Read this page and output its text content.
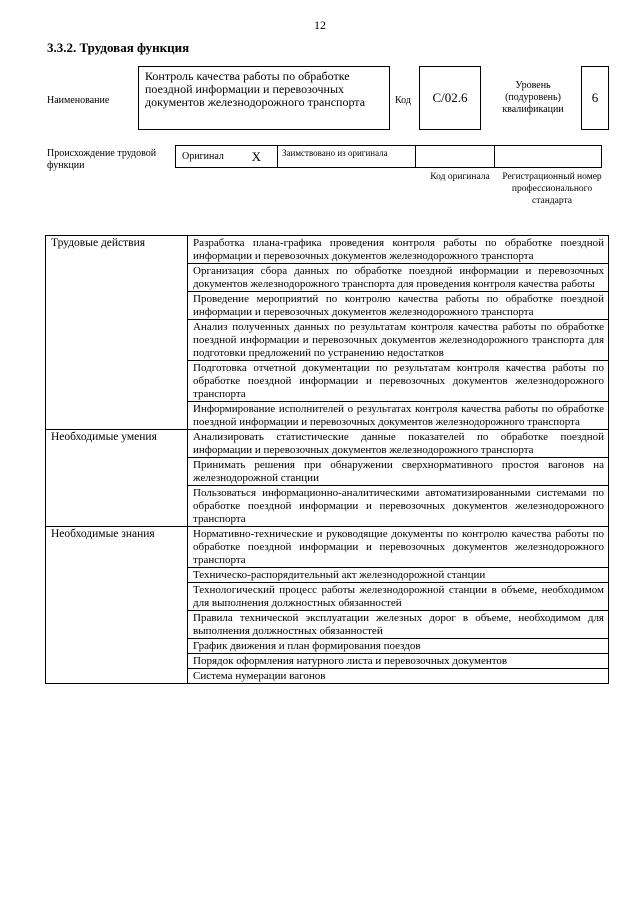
12
3.3.2. Трудовая функция
Наименование
Контроль качества работы по обработке поездной информации и перевозочных документов железнодорожного транспорта	Код	C/02.6
Уровень (подуровень) квалификации
6
Происхождение трудовой функции
Оригинал X	Заимствовано из оригинала
Код оригинала	Регистрационный номер профессионального стандарта
Трудовые действия	Разработка плана-графика проведения контроля работы по обработке поездной информации и перевозочных документов железнодорожного транспорта
	Организация сбора данных по обработке поездной информации и перевозочных документов железнодорожного транспорта для проведения контроля качества работы
	Проведение мероприятий по контролю качества работы по обработке поездной информации и перевозочных документов железнодорожного транспорта
	Анализ полученных данных по результатам контроля качества работы по обработке поездной информации и перевозочных документов железнодорожного транспорта для подготовки предложений по устранению недостатков
	Подготовка отчетной документации по результатам контроля качества работы по обработке поездной информации и перевозочных документов железнодорожного транспорта
	Информирование исполнителей о результатах контроля качества работы по обработке поездной информации и перевозочных документов железнодорожного транспорта
Необходимые умения	Анализировать статистические данные показателей по обработке поездной информации и перевозочных документов железнодорожного транспорта
	Принимать решения при обнаружении сверхнормативного простоя вагонов на железнодорожной станции
	Пользоваться информационно-аналитическими автоматизированными системами по обработке поездной информации и перевозочных документов железнодорожного транспорта
Необходимые знания	Нормативно-технические и руководящие документы по контролю качества работы по обработке поездной информации и перевозочных документов железнодорожного транспорта
	Техническо-распорядительный акт железнодорожной станции
	Технологический процесс работы железнодорожной станции в объеме, необходимом для выполнения должностных обязанностей
	Правила технической эксплуатации железных дорог в объеме, необходимом для выполнения должностных обязанностей
	График движения и план формирования поездов
	Порядок оформления натурного листа и перевозочных документов
	Система нумерации вагонов
